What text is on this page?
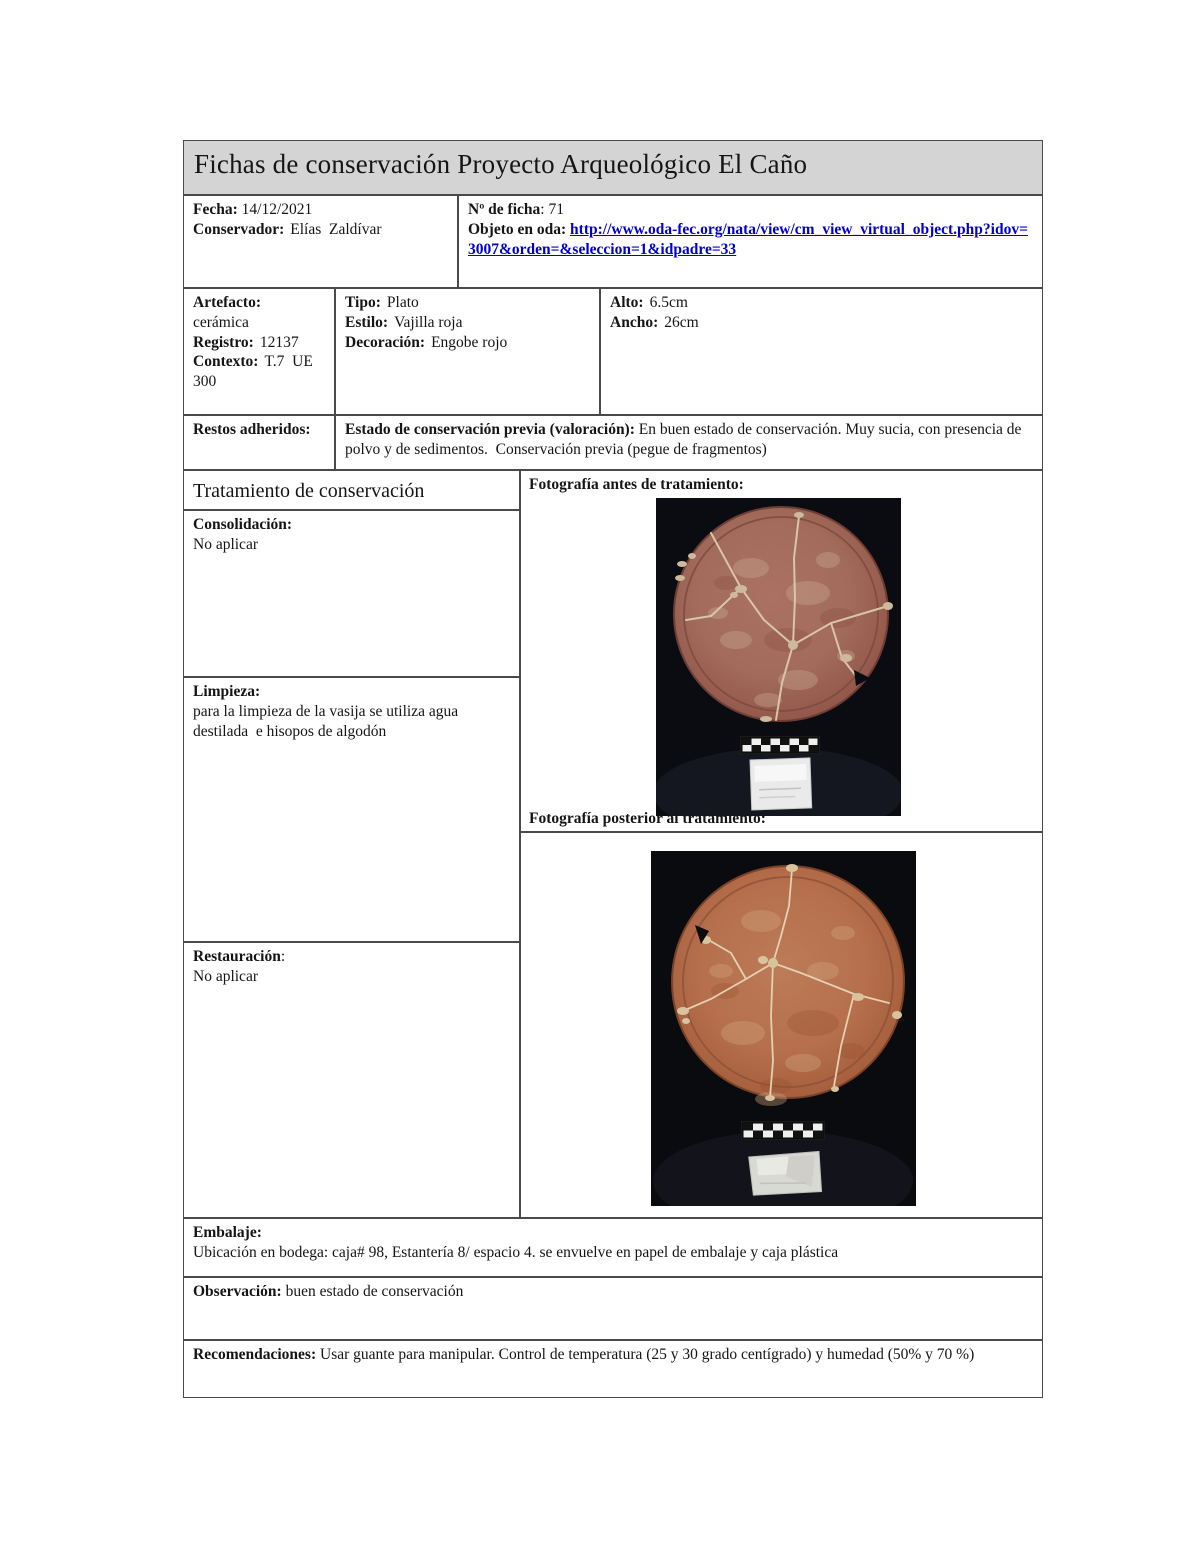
Fichas de conservación Proyecto Arqueológico El Caño

Fecha: 14/12/2021

Conservador: Elías  Zaldívar

Nº de ficha: 71

Objeto en oda: http://www.oda-fec.org/nata/view/cm_view_virtual_object.php?idov=3007&orden=&seleccion=1&idpadre=33

Artefacto:

cerámica

Registro: 12137

Contexto: T.7  UE 300

Tipo: Plato

Estilo: Vajilla roja

Decoración: Engobe rojo

Alto: 6.5cm

Ancho: 26cm

Restos adheridos:	Estado de conservación previa (valoración): En buen estado de conservación. Muy sucia, con presencia de polvo y de sedimentos.  Conservación previa (pegue de fragmentos)

Tratamiento de conservación

Consolidación:

No aplicar

Limpieza:

para la limpieza de la vasija se utiliza agua destilada  e hisopos de algodón

Restauración:

No aplicar

Fotografía antes de tratamiento:
Fotografía posterior al tratamiento:

Embalaje:

Ubicación en bodega: caja# 98, Estantería 8/ espacio 4. se envuelve en papel de embalaje y caja plástica

Observación: buen estado de conservación

Recomendaciones: Usar guante para manipular. Control de temperatura (25 y 30 grado centígrado) y humedad (50% y 70 %)
